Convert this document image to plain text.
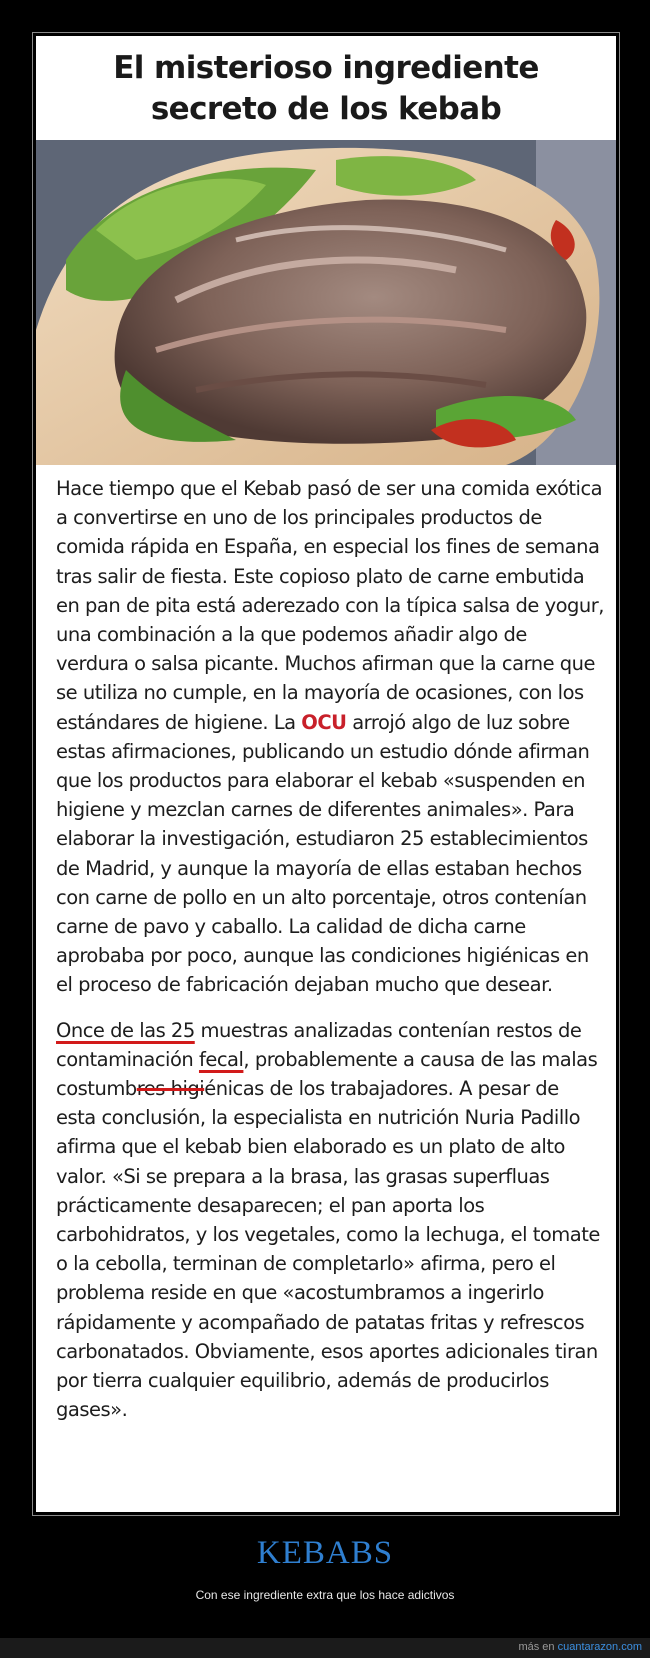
El misterioso ingrediente secreto de los kebab

Hace tiempo que el Kebab pasó de ser una comida exótica a convertirse en uno de los principales productos de comida rápida en España, en especial los fines de semana tras salir de fiesta. Este copioso plato de carne embutida en pan de pita está aderezado con la típica salsa de yogur, una combinación a la que podemos añadir algo de verdura o salsa picante. Muchos afirman que la carne que se utiliza no cumple, en la mayoría de ocasiones, con los estándares de higiene. La OCU arrojó algo de luz sobre estas afirmaciones, publicando un estudio dónde afirman que los productos para elaborar el kebab «suspenden en higiene y mezclan carnes de diferentes animales». Para elaborar la investigación, estudiaron 25 establecimientos de Madrid, y aunque la mayoría de ellas estaban hechos con carne de pollo en un alto porcentaje, otros contenían carne de pavo y caballo. La calidad de dicha carne aprobaba por poco, aunque las condiciones higiénicas en el proceso de fabricación dejaban mucho que desear.

Once de las 25 muestras analizadas contenían restos de contaminación fecal, probablemente a causa de las malas costumbres higiénicas de los trabajadores. A pesar de esta conclusión, la especialista en nutrición Nuria Padillo afirma que el kebab bien elaborado es un plato de alto valor. «Si se prepara a la brasa, las grasas superfluas prácticamente desaparecen; el pan aporta los carbohidratos, y los vegetales, como la lechuga, el tomate o la cebolla, terminan de completarlo» afirma, pero el problema reside en que «acostumbramos a ingerirlo rápidamente y acompañado de patatas fritas y refrescos carbonatados. Obviamente, esos aportes adicionales tiran por tierra cualquier equilibrio, además de producirlos gases».

KEBABS
Con ese ingrediente extra que los hace adictivos
más en cuantarazon.com
